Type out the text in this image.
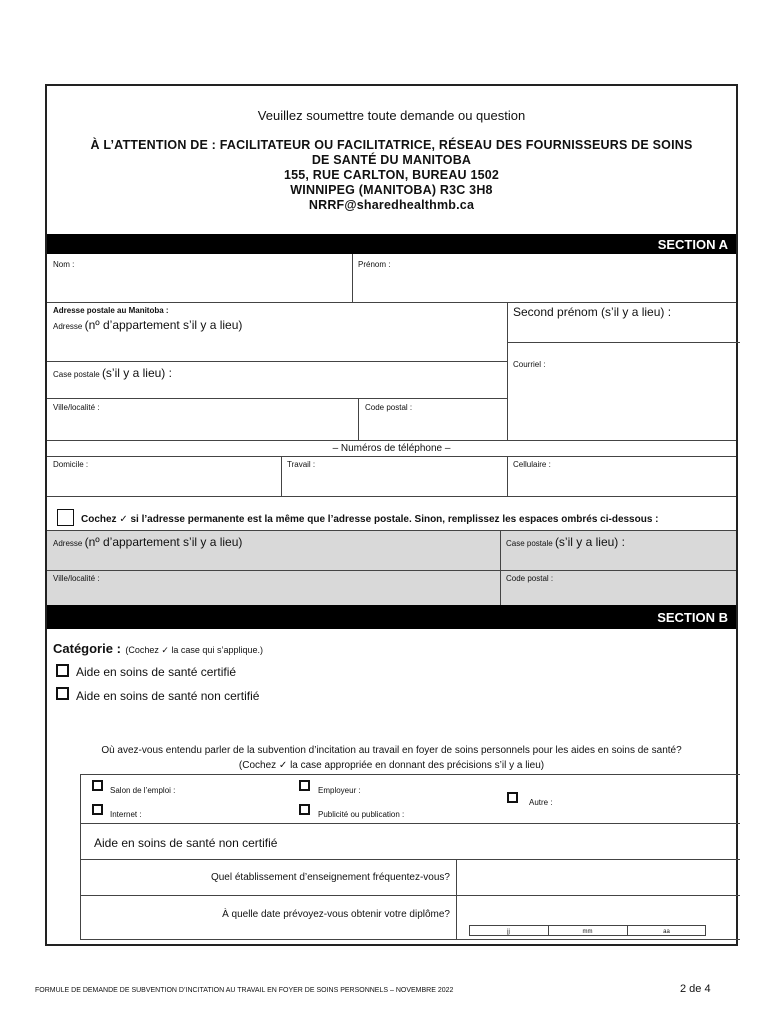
Veuillez soumettre toute demande ou question
À L’ATTENTION DE : FACILITATEUR OU FACILITATRICE, RÉSEAU DES FOURNISSEURS DE SOINS
DE SANTÉ DU MANITOBA
155, RUE CARLTON, BUREAU 1502
WINNIPEG (MANITOBA) R3C 3H8
NRRF@sharedhealthmb.ca
SECTION A
Nom :	Prénom :
Adresse postale au Manitoba :
Adresse (nº d’appartement s’il y a lieu)
Second prénom (s’il y a lieu) :
Courriel :
Case postale (s’il y a lieu) :
Ville/localité :	Code postal :
– Numéros de téléphone –
Domicile :	Travail :	Cellulaire :
Cochez ✓ si l’adresse permanente est la même que l’adresse postale. Sinon, remplissez les espaces ombrés ci-dessous :
Adresse (nº d’appartement s’il y a lieu)	Case postale (s’il y a lieu) :
Ville/localité :	Code postal :
SECTION B
Catégorie : (Cochez ✓ la case qui s’applique.)
Aide en soins de santé certifié
Aide en soins de santé non certifié
Où avez-vous entendu parler de la subvention d’incitation au travail en foyer de soins personnels pour les aides en soins de santé?
(Cochez ✓ la case appropriée en donnant des précisions s’il y a lieu)
Salon de l’emploi :	Employeur :
Internet :	Publicité ou publication :
Autre :
Aide en soins de santé non certifié
Quel établissement d’enseignement fréquentez-vous?
À quelle date prévoyez-vous obtenir votre diplôme?
jj	mm	aa
FORMULE DE DEMANDE DE SUBVENTION D’INCITATION AU TRAVAIL EN FOYER DE SOINS PERSONNELS – NOVEMBRE 2022	2 de 4
